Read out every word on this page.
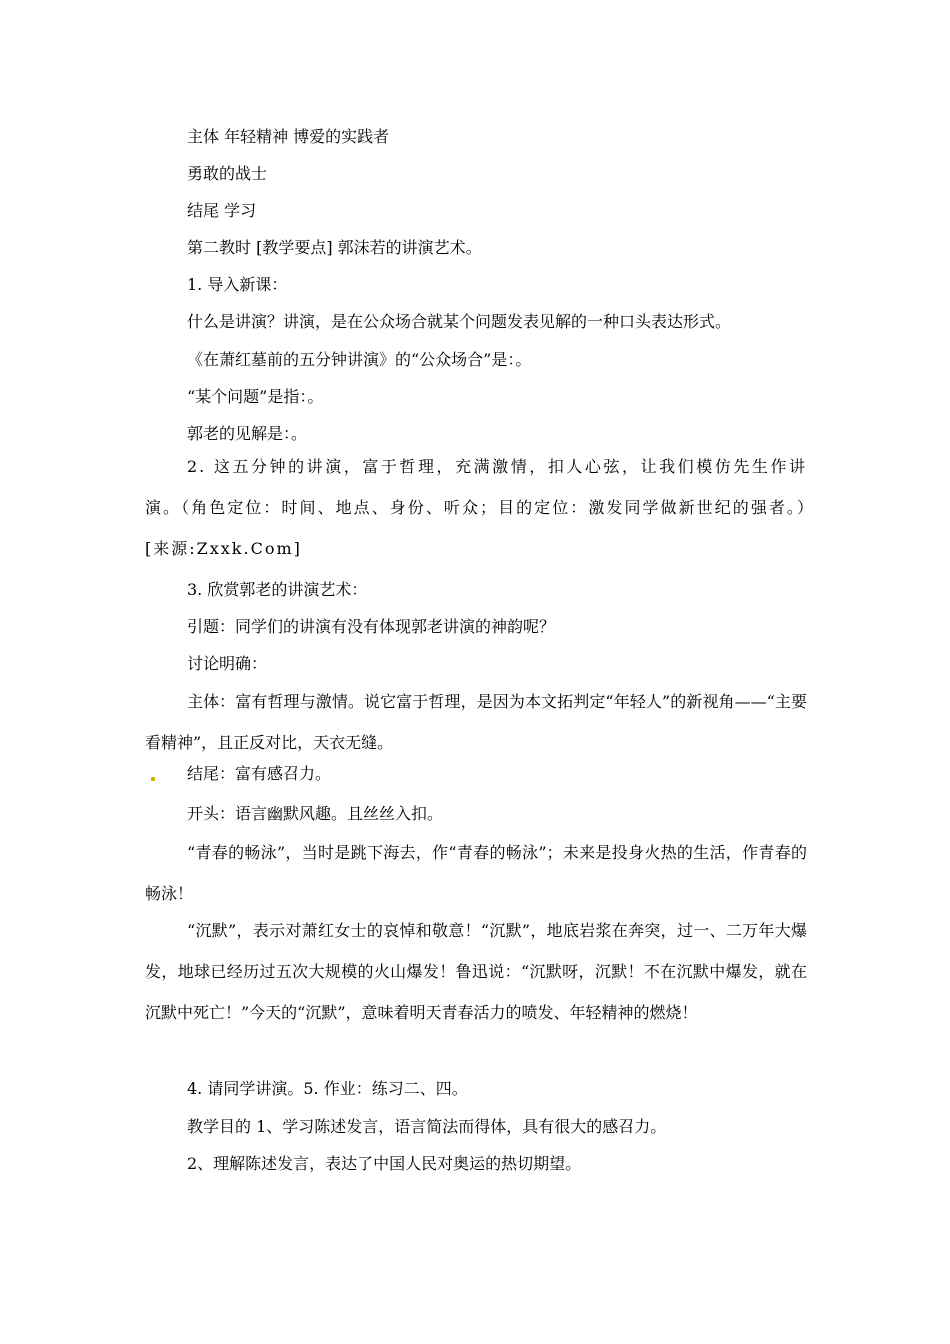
主体 年轻精神 博爱的实践者

勇敢的战士

结尾 学习

第二教时 [教学要点] 郭沫若的讲演艺术。

1. 导入新课：

什么是讲演？讲演，是在公众场合就某个问题发表见解的一种口头表达形式。

《在萧红墓前的五分钟讲演》的“公众场合”是：。

“某个问题”是指：。

郭老的见解是：。

2. 这五分钟的讲演，富于哲理，充满激情，扣人心弦，让我们模仿先生作讲演。（角色定位：时间、地点、身份、听众；目的定位：激发同学做新世纪的强者。）[来源:Zxxk.Com]

3. 欣赏郭老的讲演艺术：

引题：同学们的讲演有没有体现郭老讲演的神韵呢？

讨论明确：

主体：富有哲理与激情。说它富于哲理，是因为本文拓判定“年轻人”的新视角——“主要看精神”，且正反对比，天衣无缝。

结尾：富有感召力。

开头：语言幽默风趣。且丝丝入扣。

“青春的畅泳”，当时是跳下海去，作“青春的畅泳”；未来是投身火热的生活，作青春的畅泳！

“沉默”，表示对萧红女士的哀悼和敬意！“沉默”，地底岩浆在奔突，过一、二万年大爆发，地球已经历过五次大规模的火山爆发！鲁迅说：“沉默呀，沉默！不在沉默中爆发，就在沉默中死亡！”今天的“沉默”，意味着明天青春活力的喷发、年轻精神的燃烧！

4. 请同学讲演。5. 作业：练习二、四。

教学目的 1、学习陈述发言，语言简法而得体，具有很大的感召力。

2、理解陈述发言，表达了中国人民对奥运的热切期望。
